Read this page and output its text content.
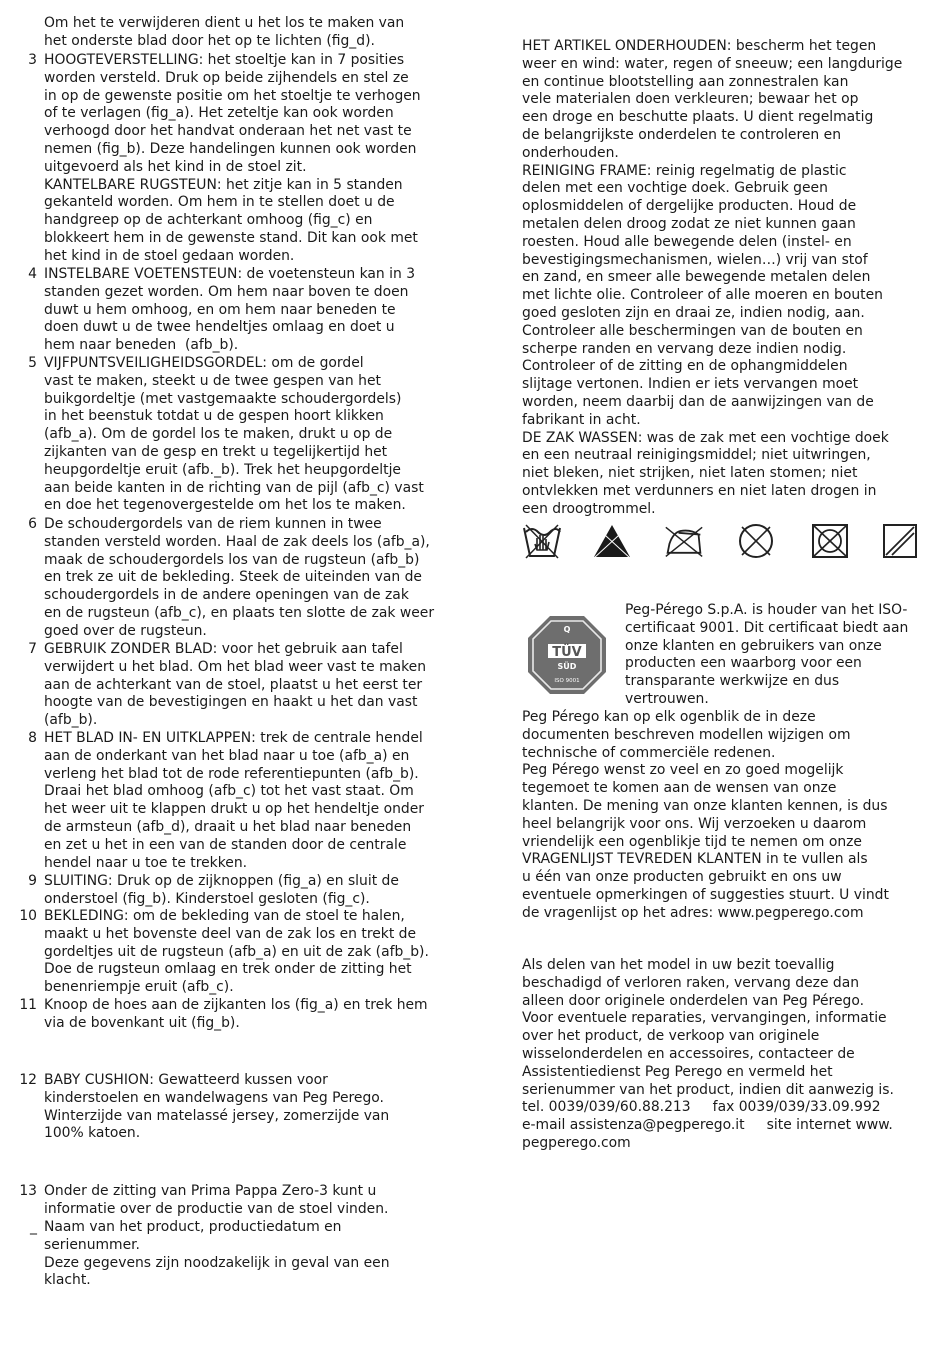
Om het te verwijderen dient u het los te maken van
het onderste blad door het op te lichten (fig_d).
3 HOOGTEVERSTELLING: het stoeltje kan in 7 posities
worden versteld. Druk op beide zijhendels en stel ze
in op de gewenste positie om het stoeltje te verhogen
of te verlagen (fig_a). Het zeteltje kan ook worden
verhoogd door het handvat onderaan het net vast te
nemen (fig_b). Deze handelingen kunnen ook worden
uitgevoerd als het kind in de stoel zit.
KANTELBARE RUGSTEUN: het zitje kan in 5 standen
gekanteld worden. Om hem in te stellen doet u de
handgreep op de achterkant omhoog (fig_c) en
blokkeert hem in de gewenste stand. Dit kan ook met
het kind in de stoel gedaan worden.
4 INSTELBARE VOETENSTEUN: de voetensteun kan in 3
standen gezet worden. Om hem naar boven te doen
duwt u hem omhoog, en om hem naar beneden te
doen duwt u de twee hendeltjes omlaag en doet u
hem naar beneden  (afb_b).
5 VIJFPUNTSVEILIGHEIDSGORDEL: om de gordel
vast te maken, steekt u de twee gespen van het
buikgordeltje (met vastgemaakte schoudergordels)
in het beenstuk totdat u de gespen hoort klikken
(afb_a). Om de gordel los te maken, drukt u op de
zijkanten van de gesp en trekt u tegelijkertijd het
heupgordeltje eruit (afb._b). Trek het heupgordeltje
aan beide kanten in de richting van de pijl (afb_c) vast
en doe het tegenovergestelde om het los te maken.
6 De schoudergordels van de riem kunnen in twee
standen versteld worden. Haal de zak deels los (afb_a),
maak de schoudergordels los van de rugsteun (afb_b)
en trek ze uit de bekleding. Steek de uiteinden van de
schoudergordels in de andere openingen van de zak
en de rugsteun (afb_c), en plaats ten slotte de zak weer
goed over de rugsteun.
7 GEBRUIK ZONDER BLAD: voor het gebruik aan tafel
verwijdert u het blad. Om het blad weer vast te maken
aan de achterkant van de stoel, plaatst u het eerst ter
hoogte van de bevestigingen en haakt u het dan vast
(afb_b).
8 HET BLAD IN- EN UITKLAPPEN: trek de centrale hendel
aan de onderkant van het blad naar u toe (afb_a) en
verleng het blad tot de rode referentiepunten (afb_b).
Draai het blad omhoog (afb_c) tot het vast staat. Om
het weer uit te klappen drukt u op het hendeltje onder
de armsteun (afb_d), draait u het blad naar beneden
en zet u het in een van de standen door de centrale
hendel naar u toe te trekken.
9 SLUITING: Druk op de zijknoppen (fig_a) en sluit de
onderstoel (fig_b). Kinderstoel gesloten (fig_c).
10 BEKLEDING: om de bekleding van de stoel te halen,
maakt u het bovenste deel van de zak los en trekt de
gordeltjes uit de rugsteun (afb_a) en uit de zak (afb_b).
Doe de rugsteun omlaag en trek onder de zitting het
benenriempje eruit (afb_c).
11 Knoop de hoes aan de zijkanten los (fig_a) en trek hem
via de bovenkant uit (fig_b).
12 BABY CUSHION: Gewatteerd kussen voor
kinderstoelen en wandelwagens van Peg Perego.
Winterzijde van matelassé jersey, zomerzijde van
100% katoen.
13 Onder de zitting van Prima Pappa Zero-3 kunt u
informatie over de productie van de stoel vinden.
_ Naam van het product, productiedatum en
serienummer.
Deze gegevens zijn noodzakelijk in geval van een
klacht.
HET ARTIKEL ONDERHOUDEN: bescherm het tegen
weer en wind: water, regen of sneeuw; een langdurige
en continue blootstelling aan zonnestralen kan
vele materialen doen verkleuren; bewaar het op
een droge en beschutte plaats. U dient regelmatig
de belangrijkste onderdelen te controleren en
onderhouden.
REINIGING FRAME: reinig regelmatig de plastic
delen met een vochtige doek. Gebruik geen
oplosmiddelen of dergelijke producten. Houd de
metalen delen droog zodat ze niet kunnen gaan
roesten. Houd alle bewegende delen (instel- en
bevestigingsmechanismen, wielen…) vrij van stof
en zand, en smeer alle bewegende metalen delen
met lichte olie. Controleer of alle moeren en bouten
goed gesloten zijn en draai ze, indien nodig, aan.
Controleer alle beschermingen van de bouten en
scherpe randen en vervang deze indien nodig.
Controleer of de zitting en de ophangmiddelen
slijtage vertonen. Indien er iets vervangen moet
worden, neem daarbij dan de aanwijzingen van de
fabrikant in acht.
DE ZAK WASSEN: was de zak met een vochtige doek
en een neutraal reinigingsmiddel; niet uitwringen,
niet bleken, niet strijken, niet laten stomen; niet
ontvlekken met verdunners en niet laten drogen in
een droogtrommel.
Peg-Pérego S.p.A. is houder van het ISO-
certificaat 9001. Dit certificaat biedt aan
onze klanten en gebruikers van onze
producten een waarborg voor een
transparante werkwijze en dus
vertrouwen.
Peg Pérego kan op elk ogenblik de in deze
documenten beschreven modellen wijzigen om
technische of commerciële redenen.
Peg Pérego wenst zo veel en zo goed mogelijk
tegemoet te komen aan de wensen van onze
klanten. De mening van onze klanten kennen, is dus
heel belangrijk voor ons. Wij verzoeken u daarom
vriendelijk een ogenblikje tijd te nemen om onze
VRAGENLIJST TEVREDEN KLANTEN in te vullen als
u één van onze producten gebruikt en ons uw
eventuele opmerkingen of suggesties stuurt. U vindt
de vragenlijst op het adres: www.pegperego.com
Als delen van het model in uw bezit toevallig
beschadigd of verloren raken, vervang deze dan
alleen door originele onderdelen van Peg Pérego.
Voor eventuele reparaties, vervangingen, informatie
over het product, de verkoop van originele
wisselonderdelen en accessoires, contacteer de
Assistentiedienst Peg Perego en vermeld het
serienummer van het product, indien dit aanwezig is.
tel. 0039/039/60.88.213     fax 0039/039/33.09.992
e-mail assistenza@pegperego.it     site internet www.
pegperego.com
Q
TÜV
SÜD
ISO 9001
